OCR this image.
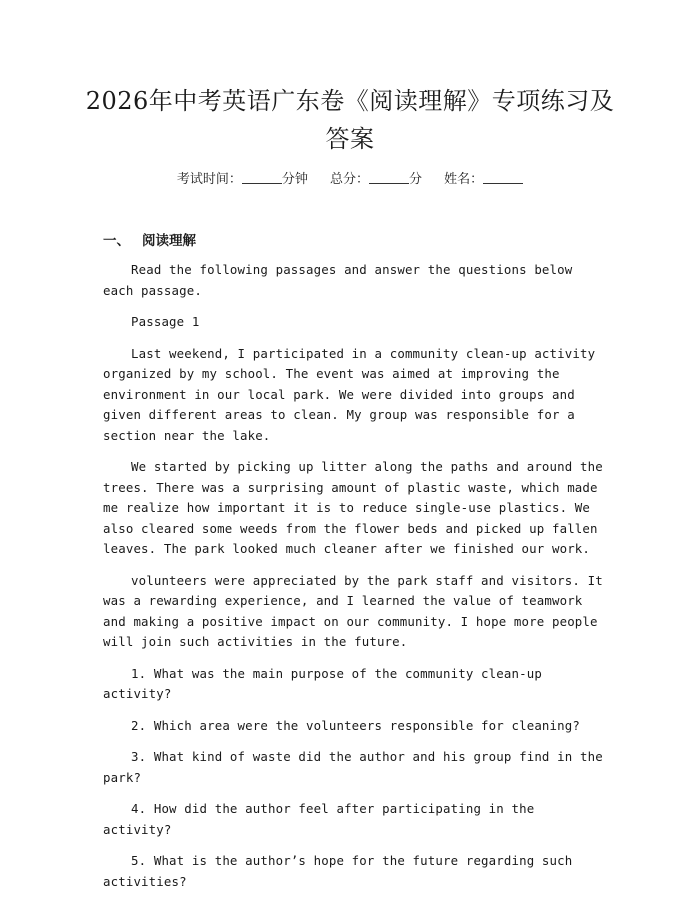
2026年中考英语广东卷《阅读理解》专项练习及答案
考试时间：	分钟 总分：	分 姓名：
一、 阅读理解

Read the following passages and answer the questions below each passage.

Passage 1

Last weekend, I participated in a community clean-up activity organized by my school. The event was aimed at improving the environment in our local park. We were divided into groups and given different areas to clean. My group was responsible for a section near the lake.

We started by picking up litter along the paths and around the trees. There was a surprising amount of plastic waste, which made me realize how important it is to reduce single-use plastics. We also cleared some weeds from the flower beds and picked up fallen leaves. The park looked much cleaner after we finished our work.

volunteers were appreciated by the park staff and visitors. It was a rewarding experience, and I learned the value of teamwork and making a positive impact on our community. I hope more people will join such activities in the future.

1. What was the main purpose of the community clean-up activity?

2. Which area were the volunteers responsible for cleaning?

3. What kind of waste did the author and his group find in the park?

4. How did the author feel after participating in the activity?

5. What is the author’s hope for the future regarding such activities?
